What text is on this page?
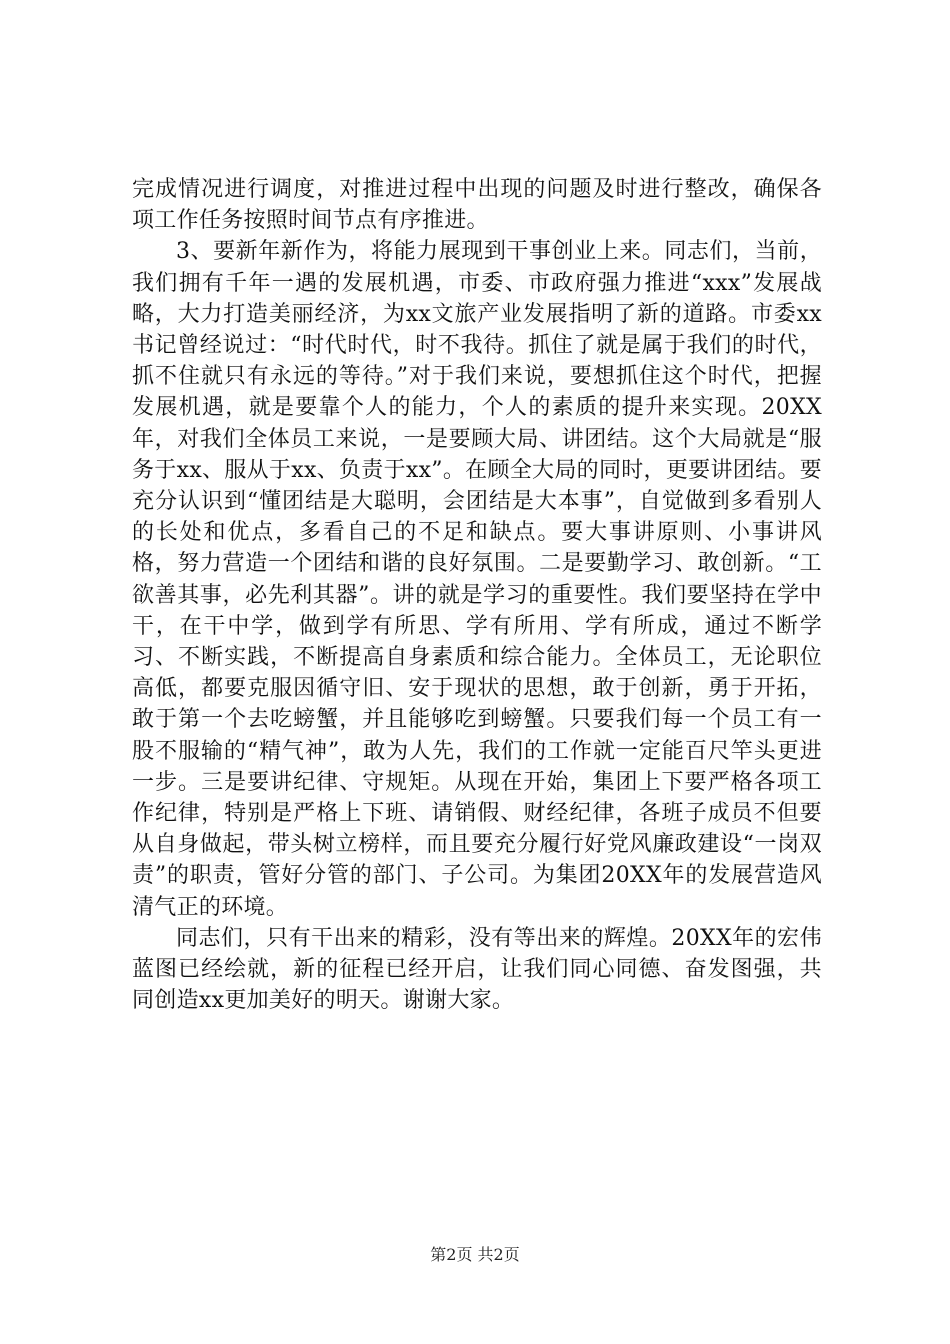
完成情况进行调度，对推进过程中出现的问题及时进行整改，确保各项工作任务按照时间节点有序推进。

3、要新年新作为，将能力展现到干事创业上来。同志们，当前，我们拥有千年一遇的发展机遇，市委、市政府强力推进“xxx”发展战略，大力打造美丽经济，为xx文旅产业发展指明了新的道路。市委xx书记曾经说过：“时代时代，时不我待。抓住了就是属于我们的时代，抓不住就只有永远的等待。”对于我们来说，要想抓住这个时代，把握发展机遇，就是要靠个人的能力，个人的素质的提升来实现。20XX年，对我们全体员工来说，一是要顾大局、讲团结。这个大局就是“服务于xx、服从于xx、负责于xx”。在顾全大局的同时，更要讲团结。要充分认识到“懂团结是大聪明，会团结是大本事”，自觉做到多看别人的长处和优点，多看自己的不足和缺点。要大事讲原则、小事讲风格，努力营造一个团结和谐的良好氛围。二是要勤学习、敢创新。“工欲善其事，必先利其器”。讲的就是学习的重要性。我们要坚持在学中干，在干中学，做到学有所思、学有所用、学有所成，通过不断学习、不断实践，不断提高自身素质和综合能力。全体员工，无论职位高低，都要克服因循守旧、安于现状的思想，敢于创新，勇于开拓，敢于第一个去吃螃蟹，并且能够吃到螃蟹。只要我们每一个员工有一股不服输的“精气神”，敢为人先，我们的工作就一定能百尺竿头更进一步。三是要讲纪律、守规矩。从现在开始，集团上下要严格各项工作纪律，特别是严格上下班、请销假、财经纪律，各班子成员不但要从自身做起，带头树立榜样，而且要充分履行好党风廉政建设“一岗双责”的职责，管好分管的部门、子公司。为集团20XX年的发展营造风清气正的环境。

同志们，只有干出来的精彩，没有等出来的辉煌。20XX年的宏伟蓝图已经绘就，新的征程已经开启，让我们同心同德、奋发图强，共同创造xx更加美好的明天。谢谢大家。

第2页 共2页
